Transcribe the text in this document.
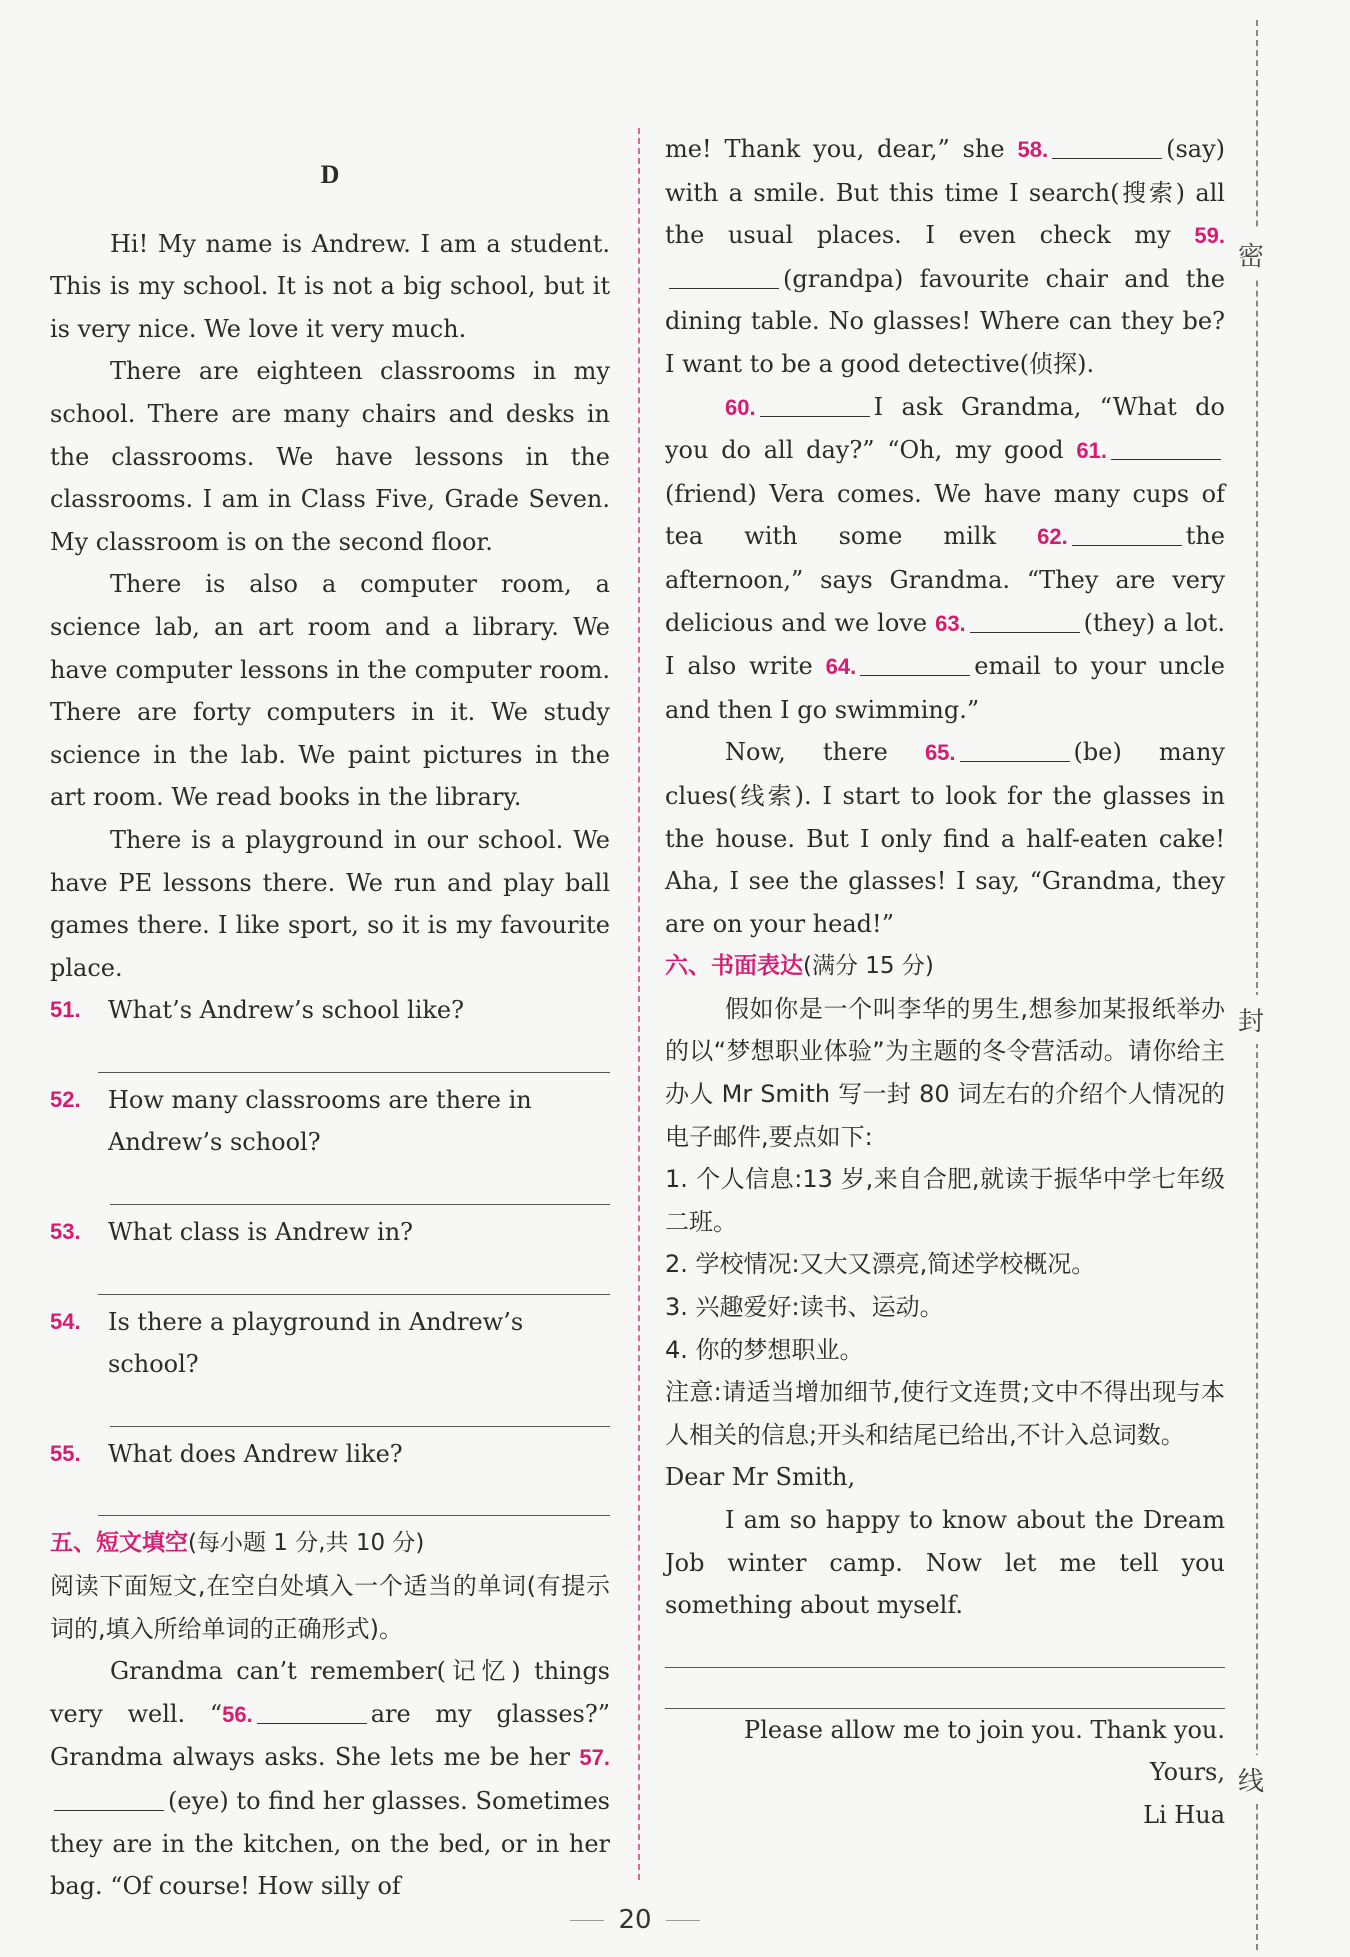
密
封
线

D

Hi! My name is Andrew. I am a student. This is my school. It is not a big school, but it is very nice. We love it very much.

There are eighteen classrooms in my school. There are many chairs and desks in the classrooms. We have lessons in the classrooms. I am in Class Five, Grade Seven. My classroom is on the second floor.

There is also a computer room, a science lab, an art room and a library. We have computer lessons in the computer room. There are forty computers in it. We study science in the lab. We paint pictures in the art room. We read books in the library.

There is a playground in our school. We have PE lessons there. We run and play ball games there. I like sport, so it is my favourite place.

51. What’s Andrew’s school like?

52. How many classrooms are there in Andrew’s school?

53. What class is Andrew in?

54. Is there a playground in Andrew’s school?

55. What does Andrew like?

五、短文填空(每小题 1 分,共 10 分)

阅读下面短文,在空白处填入一个适当的单词(有提示词的,填入所给单词的正确形式)。

Grandma can’t remember(记忆) things very well. “56.	are my glasses?” Grandma always asks. She lets me be her 57.(eye) to find her glasses. Sometimes they are in the kitchen, on the bed, or in her bag. “Of course! How silly of

me! Thank you, dear,” she 58.	(say) with a smile. But this time I search(搜索) all the usual places. I even check my 59.(grandpa) favourite chair and the dining table. No glasses! Where can they be? I want to be a good detective(侦探).

60.	I ask Grandma, “What do you do all day?” “Oh, my good 61.(friend) Vera comes. We have many cups of tea with some milk 62.	the afternoon,” says Grandma. “They are very delicious and we love 63.	(they) a lot. I also write 64.	email to your uncle and then I go swimming.”

Now, there 65.	(be) many clues(线索). I start to look for the glasses in the house. But I only find a half-eaten cake! Aha, I see the glasses! I say, “Grandma, they are on your head!”

六、书面表达(满分 15 分)

假如你是一个叫李华的男生,想参加某报纸举办的以“梦想职业体验”为主题的冬令营活动。请你给主办人 Mr Smith 写一封 80 词左右的介绍个人情况的电子邮件,要点如下:

1. 个人信息:13 岁,来自合肥,就读于振华中学七年级二班。

2. 学校情况:又大又漂亮,简述学校概况。

3. 兴趣爱好:读书、运动。

4. 你的梦想职业。

注意:请适当增加细节,使行文连贯;文中不得出现与本人相关的信息;开头和结尾已给出,不计入总词数。

Dear Mr Smith,

I am so happy to know about the Dream Job winter camp. Now let me tell you something about myself.

Please allow me to join you. Thank you.

Yours,

Li Hua

20
